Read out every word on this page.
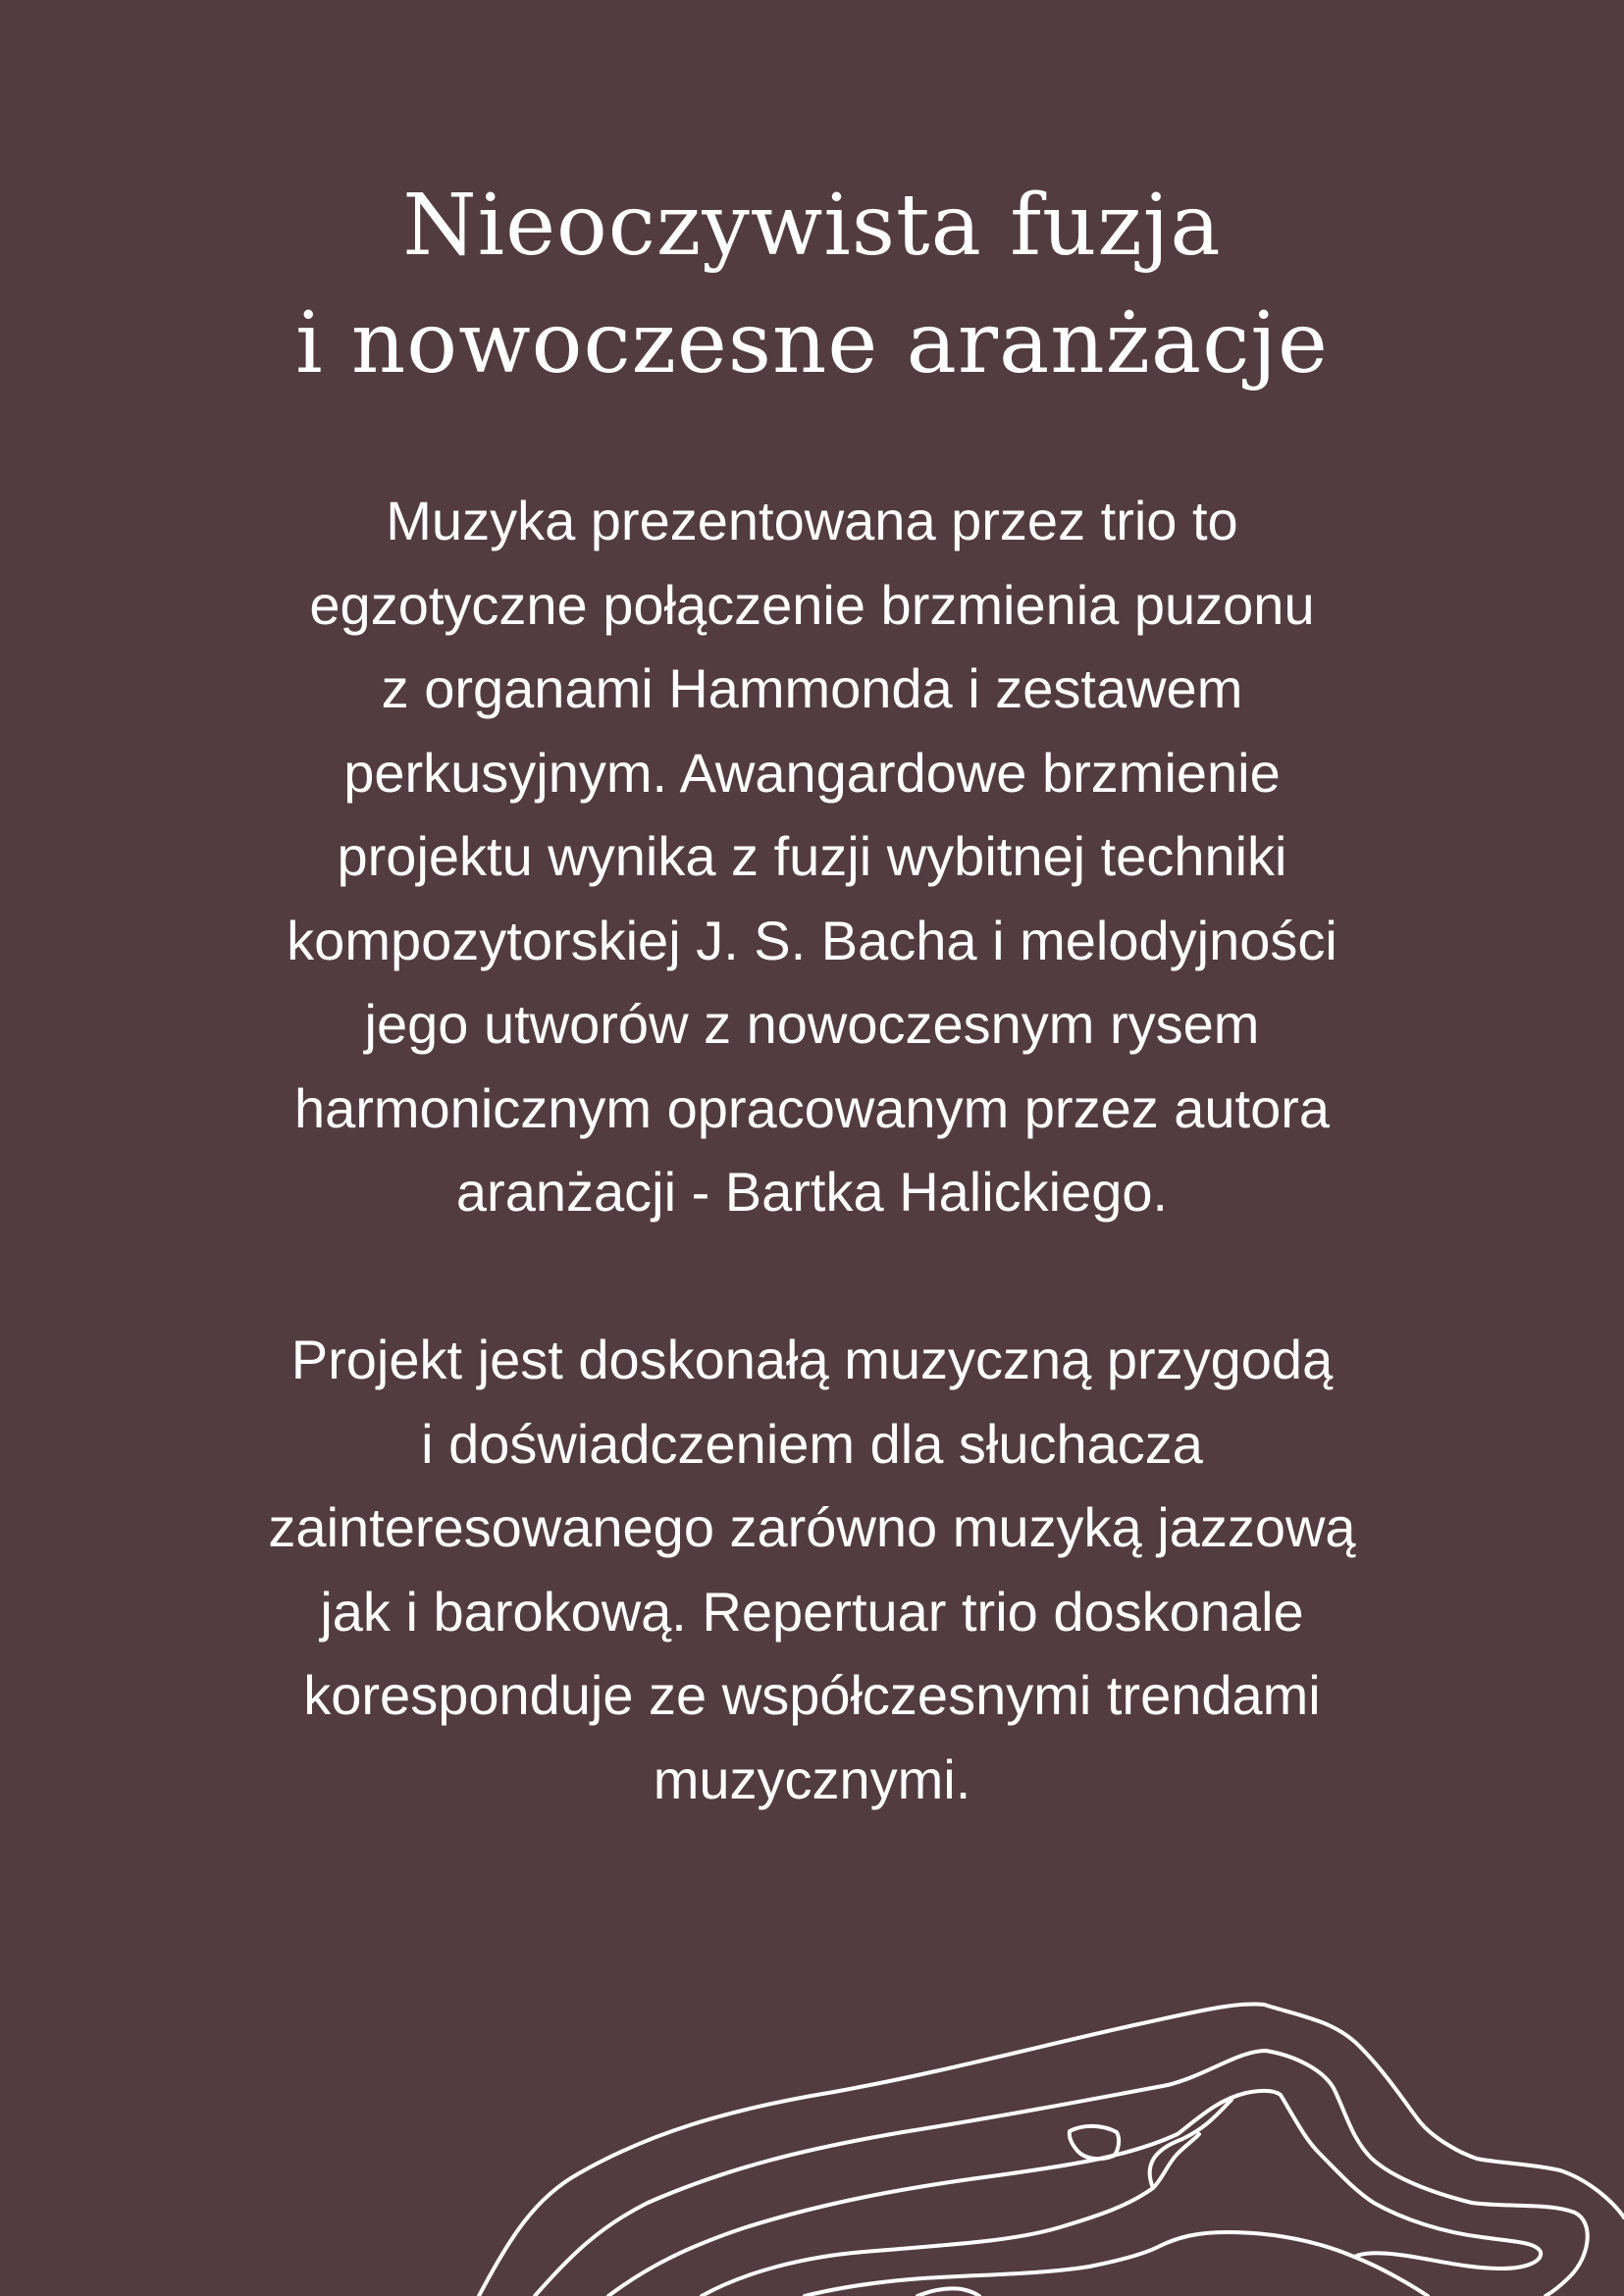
Nieoczywista fuzja
i nowoczesne aranżacje

Muzyka prezentowana przez trio to
egzotyczne połączenie brzmienia puzonu
z organami Hammonda i zestawem
perkusyjnym. Awangardowe brzmienie
projektu wynika z fuzji wybitnej techniki
kompozytorskiej J. S. Bacha i melodyjności
jego utworów z nowoczesnym rysem
harmonicznym opracowanym przez autora
aranżacji - Bartka Halickiego.

Projekt jest doskonałą muzyczną przygodą
i doświadczeniem dla słuchacza
zainteresowanego zarówno muzyką jazzową
jak i barokową. Repertuar trio doskonale
koresponduje ze współczesnymi trendami
muzycznymi.
